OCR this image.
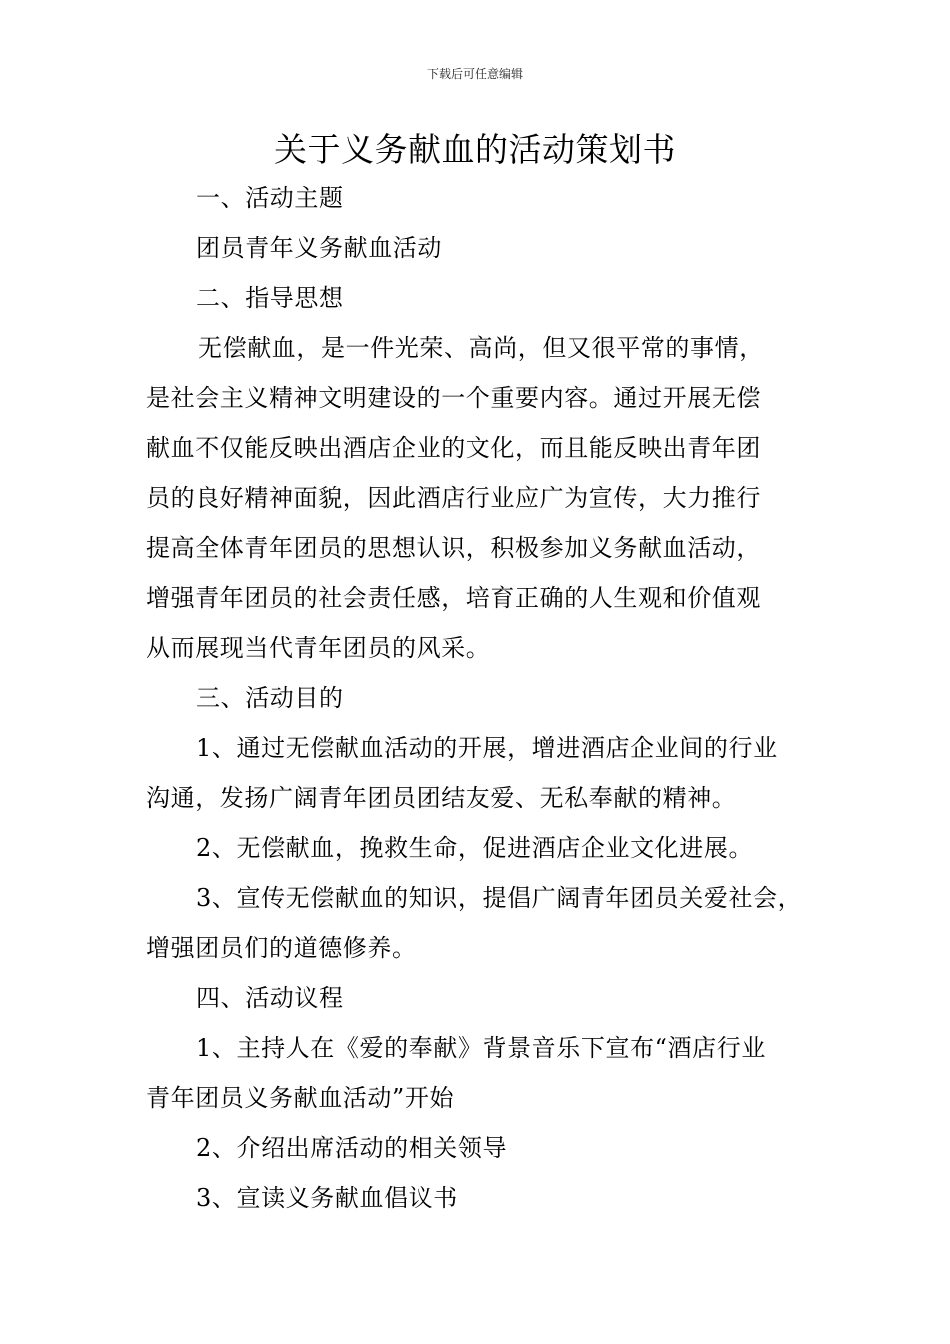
下载后可任意编辑
关于义务献血的活动策划书
一、活动主题
团员青年义务献血活动
二、指导思想
无偿献血，是一件光荣、高尚，但又很平常的事情，
是社会主义精神文明建设的一个重要内容。通过开展无偿
献血不仅能反映出酒店企业的文化，而且能反映出青年团
员的良好精神面貌，因此酒店行业应广为宣传，大力推行
提高全体青年团员的思想认识，积极参加义务献血活动，
增强青年团员的社会责任感，培育正确的人生观和价值观
从而展现当代青年团员的风采。
三、活动目的
1、通过无偿献血活动的开展，增进酒店企业间的行业
沟通，发扬广阔青年团员团结友爱、无私奉献的精神。
2、无偿献血，挽救生命，促进酒店企业文化进展。
3、宣传无偿献血的知识，提倡广阔青年团员关爱社会，
增强团员们的道德修养。
四、活动议程
1、主持人在《爱的奉献》背景音乐下宣布“酒店行业
青年团员义务献血活动”开始
2、介绍出席活动的相关领导
3、宣读义务献血倡议书
